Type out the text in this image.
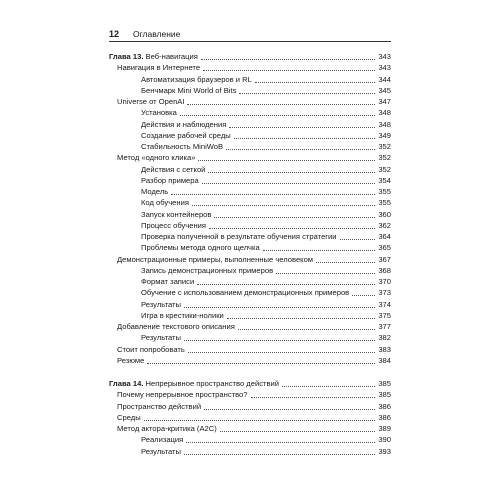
12 Оглавление
Глава 13. Веб-навигация	343
Навигация в Интернете	343
Автоматизация браузеров и RL	344
Бенчмарк Mini World of Bits	345
Universe от OpenAI	347
Установка	348
Действия и наблюдения	348
Создание рабочей среды	349
Стабильность MiniWoB	352
Метод «одного клика»	352
Действия с сеткой	352
Разбор примера	354
Модель	355
Код обучения	355
Запуск контейнеров	360
Процесс обучения	362
Проверка полученной в результате обучения стратегии	364
Проблемы метода одного щелчка	365
Демонстрационные примеры, выполненные человеком	367
Запись демонстрационных примеров	368
Формат записи	370
Обучение с использованием демонстрационных примеров	373
Результаты	374
Игра в крестики-нолики	375
Добавление текстового описания	377
Результаты	382
Стоит попробовать	383
Резюме	384
Глава 14. Непрерывное пространство действий	385
Почему непрерывное пространство?	385
Пространство действий	386
Среды	386
Метод актора-критика (A2C)	389
Реализация	390
Результаты	393
